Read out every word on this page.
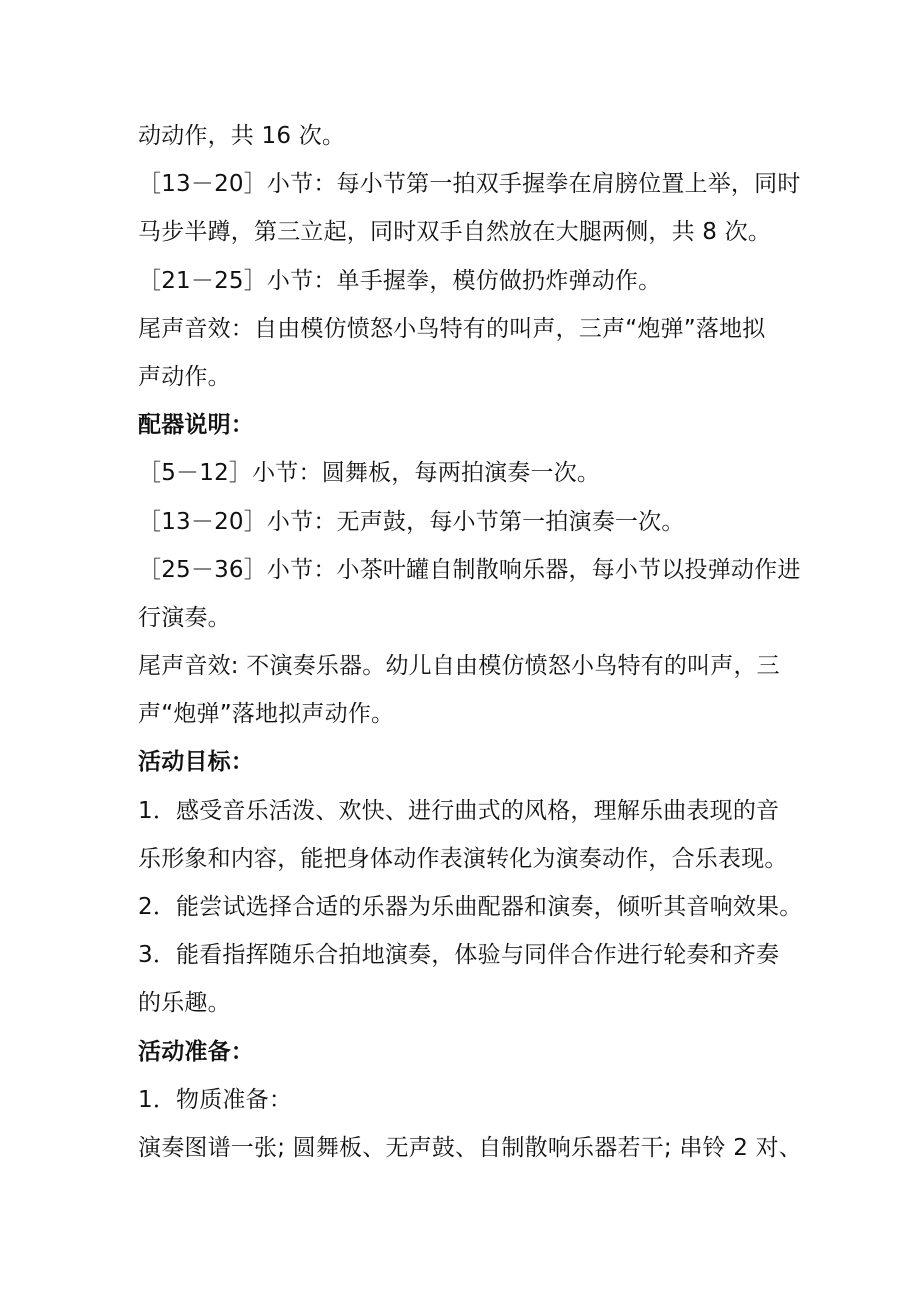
动动作，共 16 次。
［13－20］小节：每小节第一拍双手握拳在肩膀位置上举，同时
马步半蹲，第三立起，同时双手自然放在大腿两侧，共 8 次。
［21－25］小节：单手握拳，模仿做扔炸弹动作。
尾声音效：自由模仿愤怒小鸟特有的叫声，三声“炮弹”落地拟
声动作。
配器说明：
［5－12］小节：圆舞板，每两拍演奏一次。
［13－20］小节：无声鼓，每小节第一拍演奏一次。
［25－36］小节：小茶叶罐自制散响乐器，每小节以投弹动作进
行演奏。
尾声音效: 不演奏乐器。幼儿自由模仿愤怒小鸟特有的叫声，三
声“炮弹”落地拟声动作。
活动目标：
1．感受音乐活泼、欢快、进行曲式的风格，理解乐曲表现的音
乐形象和内容，能把身体动作表演转化为演奏动作，合乐表现。
2．能尝试选择合适的乐器为乐曲配器和演奏，倾听其音响效果。
3．能看指挥随乐合拍地演奏，体验与同伴合作进行轮奏和齐奏
的乐趣。
活动准备：
1．物质准备：
演奏图谱一张; 圆舞板、无声鼓、自制散响乐器若干; 串铃 2 对、
